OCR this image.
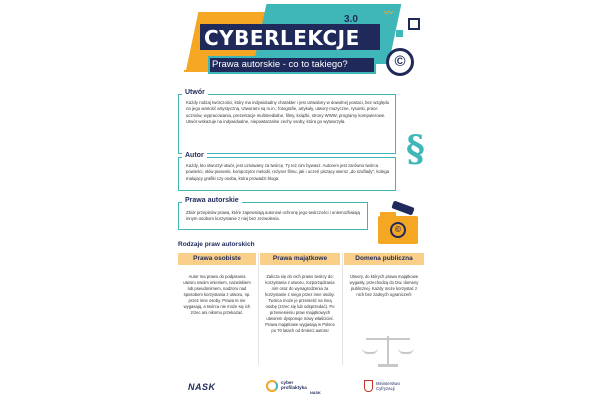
CYBERLEKCJE
3.0
Prawa autorskie - co to takiego?	©
〰
Utwór
Każdy rodzaj twórczości, który ma indywidualny charakter i jest utrwalony w dowolnej postaci, bez względu na jego wartość artystyczną. Utworami są m.in.: fotografie, artykuły, utwory muzyczne, rysunki, prace uczniów, wypracowania, prezentacje multimedialne, filmy, książki, strony WWW, programy komputerowe. Utwór wskazuje na indywidualne, niepowtarzalne cechy osoby, która go wytworzyła.
§
Autor
Każdy, kto stworzył utwór, jest uznawany za twórcę. Ty też nim bywasz. Autorem jest zarówno twórca powieści, słów piosenki, kompozytor melodii, reżyser filmu, jak i uczeń piszący wiersz „do szuflady”, kolega malujący grafiki czy osoba, która prowadzi bloga.
Prawa autorskie
Zbiór przepisów prawa, które zapewniają autorowi ochronę jego twórczości i uniemożliwiają innym osobom korzystanie z niej bez zezwolenia.
©
Rodzaje praw autorskich
Prawa osobiste	Prawa majątkowe	Domena publiczna
Autor ma prawo do podpisania utworu swoim imieniem, nazwiskiem lub pseudonimem, nadzoru nad sposobem korzystania z utworu, np. przez inne osoby. Prawa te nie wygasają, a twórca nie może się ich zrzec ani nikomu przekazać.
Zalicza się do nich prawo twórcy do: korzystania z utworu, rozporządzania nim oraz do wynagrodzenia za korzystanie z niego przez inne osoby. Twórca może je przenieść na inną osobę (zrzec się lub odsprzedać). Po przeniesieniu praw majątkowych utworem dysponuje nowy właściciel. Prawa majątkowe wygasają w Polsce po 70 latach od śmierci autora!
Utwory, do których prawa majątkowe wygasły, przechodzą do tzw. domeny publicznej. Każdy może korzystać z nich bez żadnych ograniczeń!
NASK	cyber
profilaktyka
NASK
Ministerstwo
Cyfryzacji
